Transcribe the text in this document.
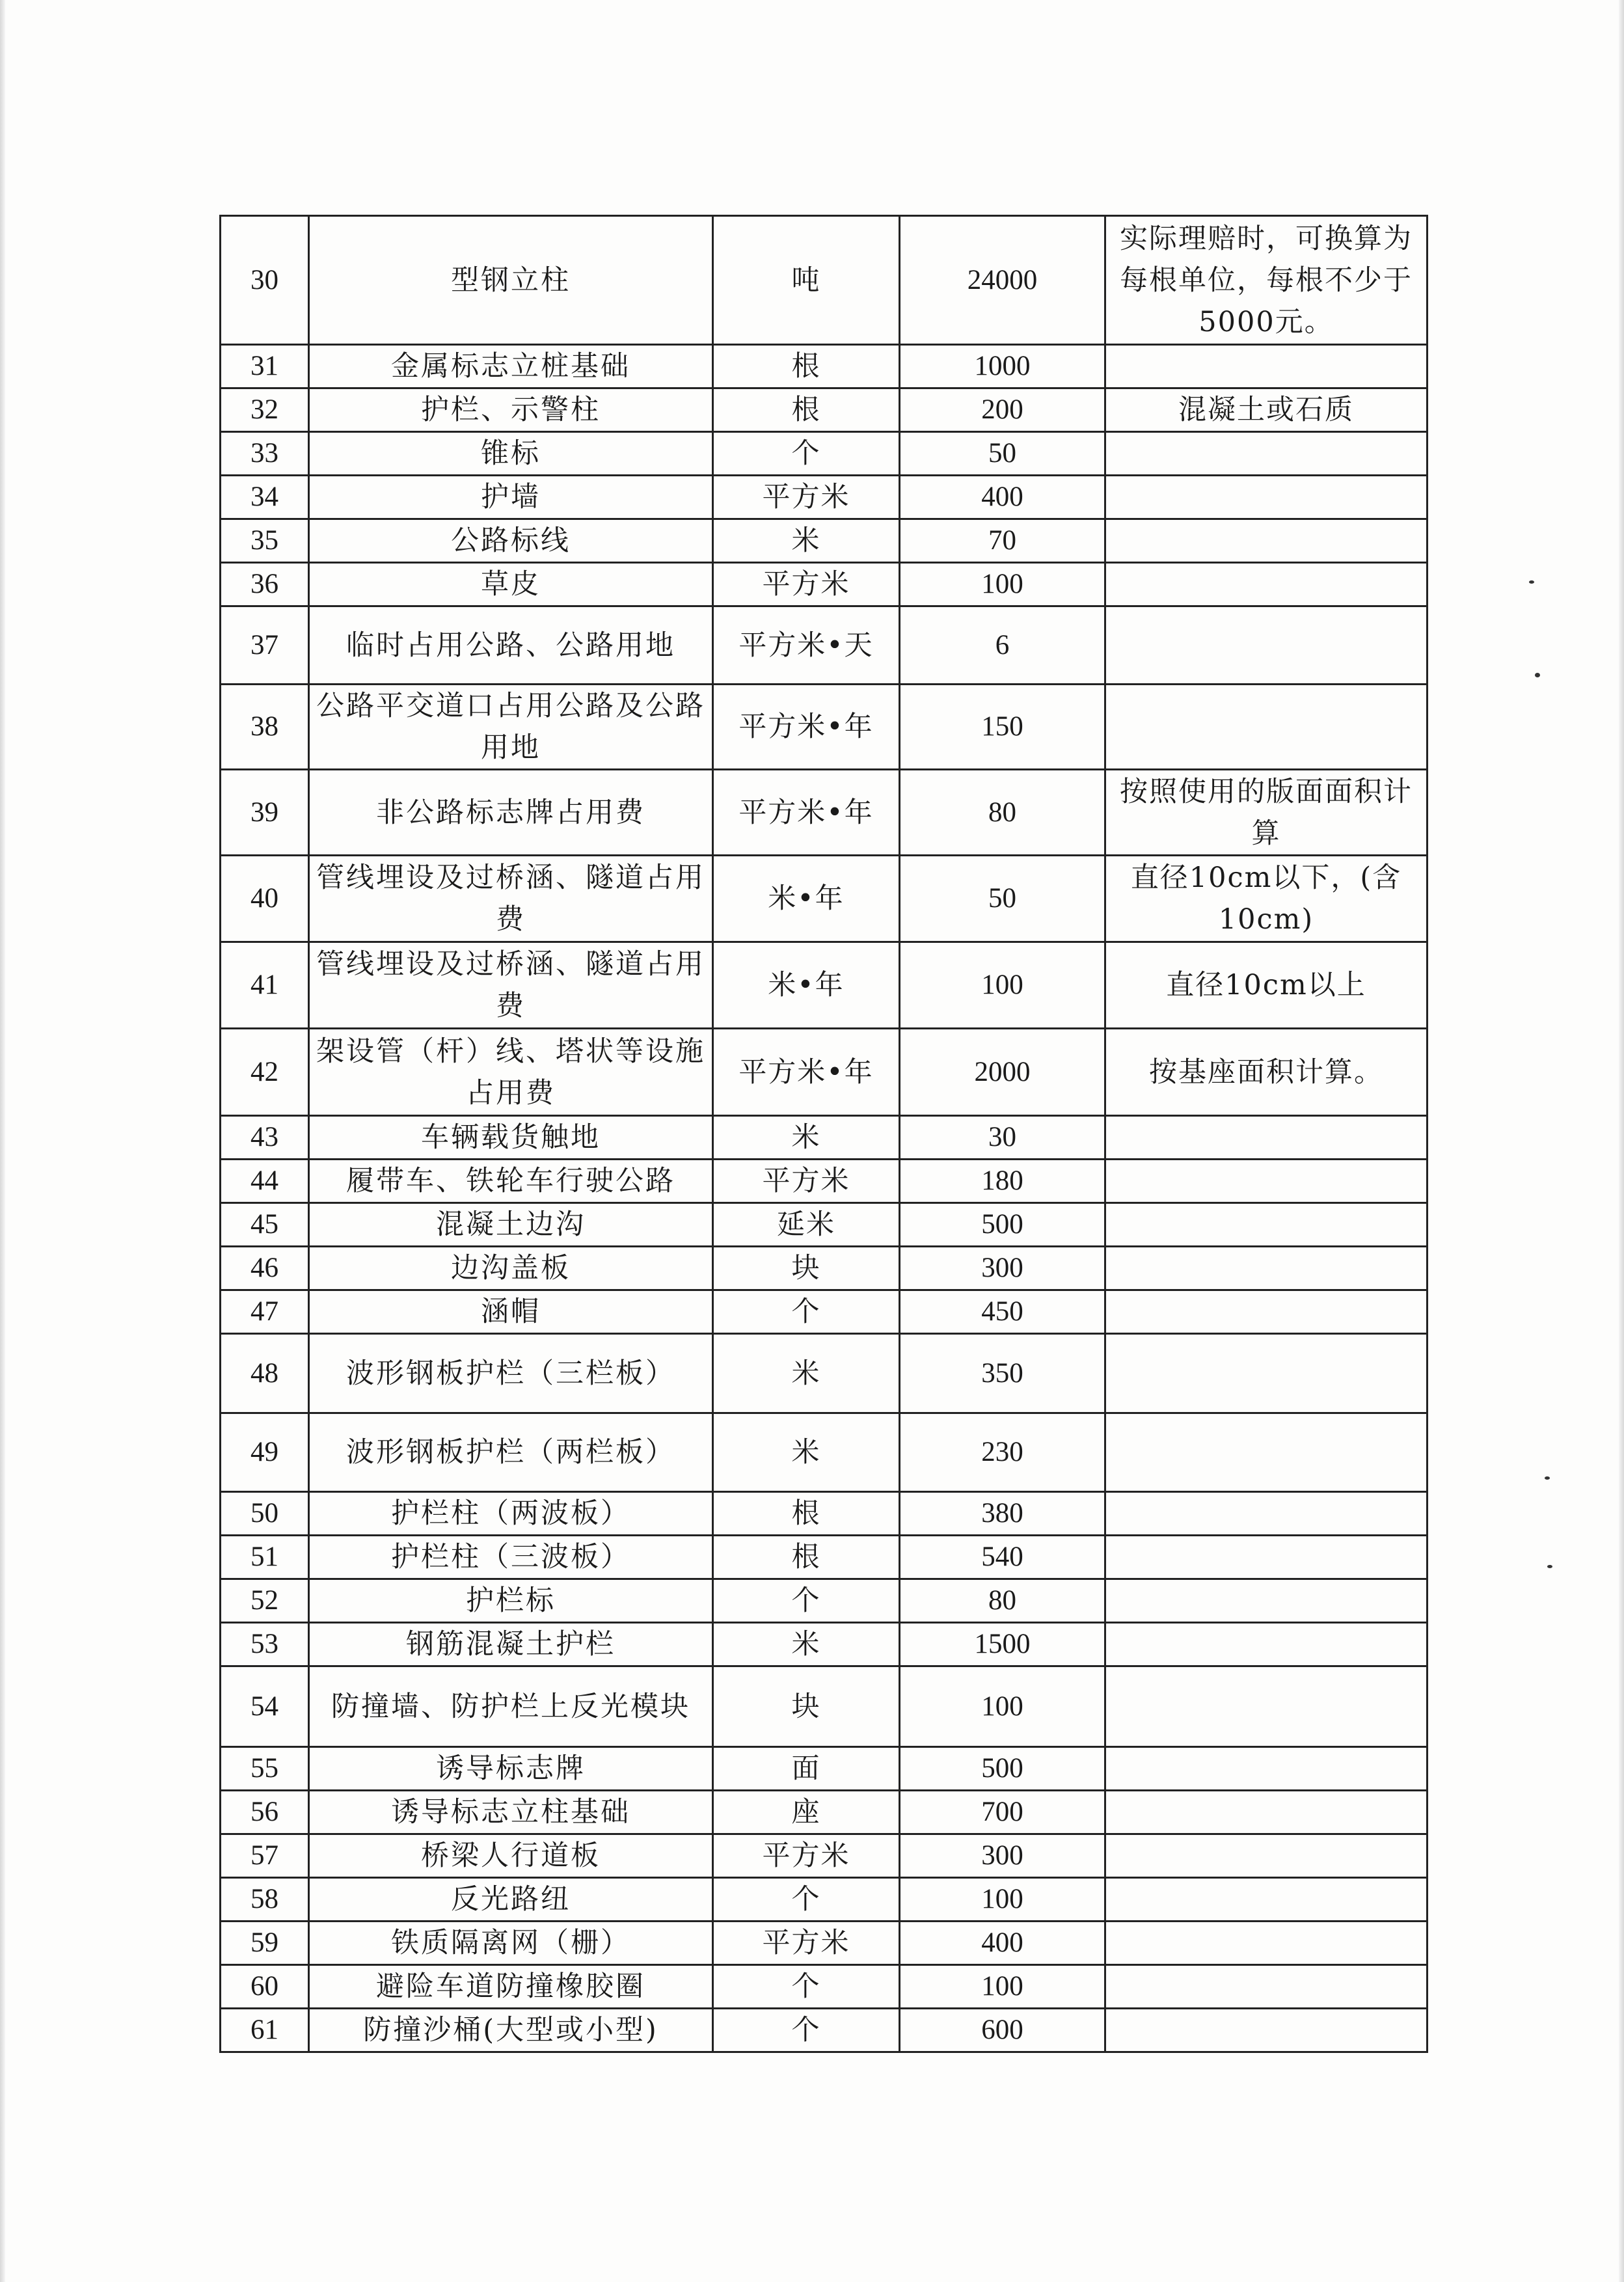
30	型钢立柱	吨	24000	实际理赔时，可换算为每根单位，每根不少于5000元。
31	金属标志立桩基础	根	1000	
32	护栏、示警柱	根	200	混凝土或石质
33	锥标	个	50	
34	护墙	平方米	400	
35	公路标线	米	70	
36	草皮	平方米	100	
37	临时占用公路、公路用地	平方米•天	6	
38	公路平交道口占用公路及公路用地	平方米•年	150	
39	非公路标志牌占用费	平方米•年	80	按照使用的版面面积计算
40	管线埋设及过桥涵、隧道占用费	米•年	50	直径10cm以下，(含10cm)
41	管线埋设及过桥涵、隧道占用费	米•年	100	直径10cm以上
42	架设管（杆）线、塔状等设施占用费	平方米•年	2000	按基座面积计算。
43	车辆载货触地	米	30	
44	履带车、铁轮车行驶公路	平方米	180	
45	混凝土边沟	延米	500	
46	边沟盖板	块	300	
47	涵帽	个	450	
48	波形钢板护栏（三栏板）	米	350	
49	波形钢板护栏（两栏板）	米	230	
50	护栏柱（两波板）	根	380	
51	护栏柱（三波板）	根	540	
52	护栏标	个	80	
53	钢筋混凝土护栏	米	1500	
54	防撞墙、防护栏上反光模块	块	100	
55	诱导标志牌	面	500	
56	诱导标志立柱基础	座	700	
57	桥梁人行道板	平方米	300	
58	反光路纽	个	100	
59	铁质隔离网（栅）	平方米	400	
60	避险车道防撞橡胶圈	个	100	
61	防撞沙桶(大型或小型)	个	600	
